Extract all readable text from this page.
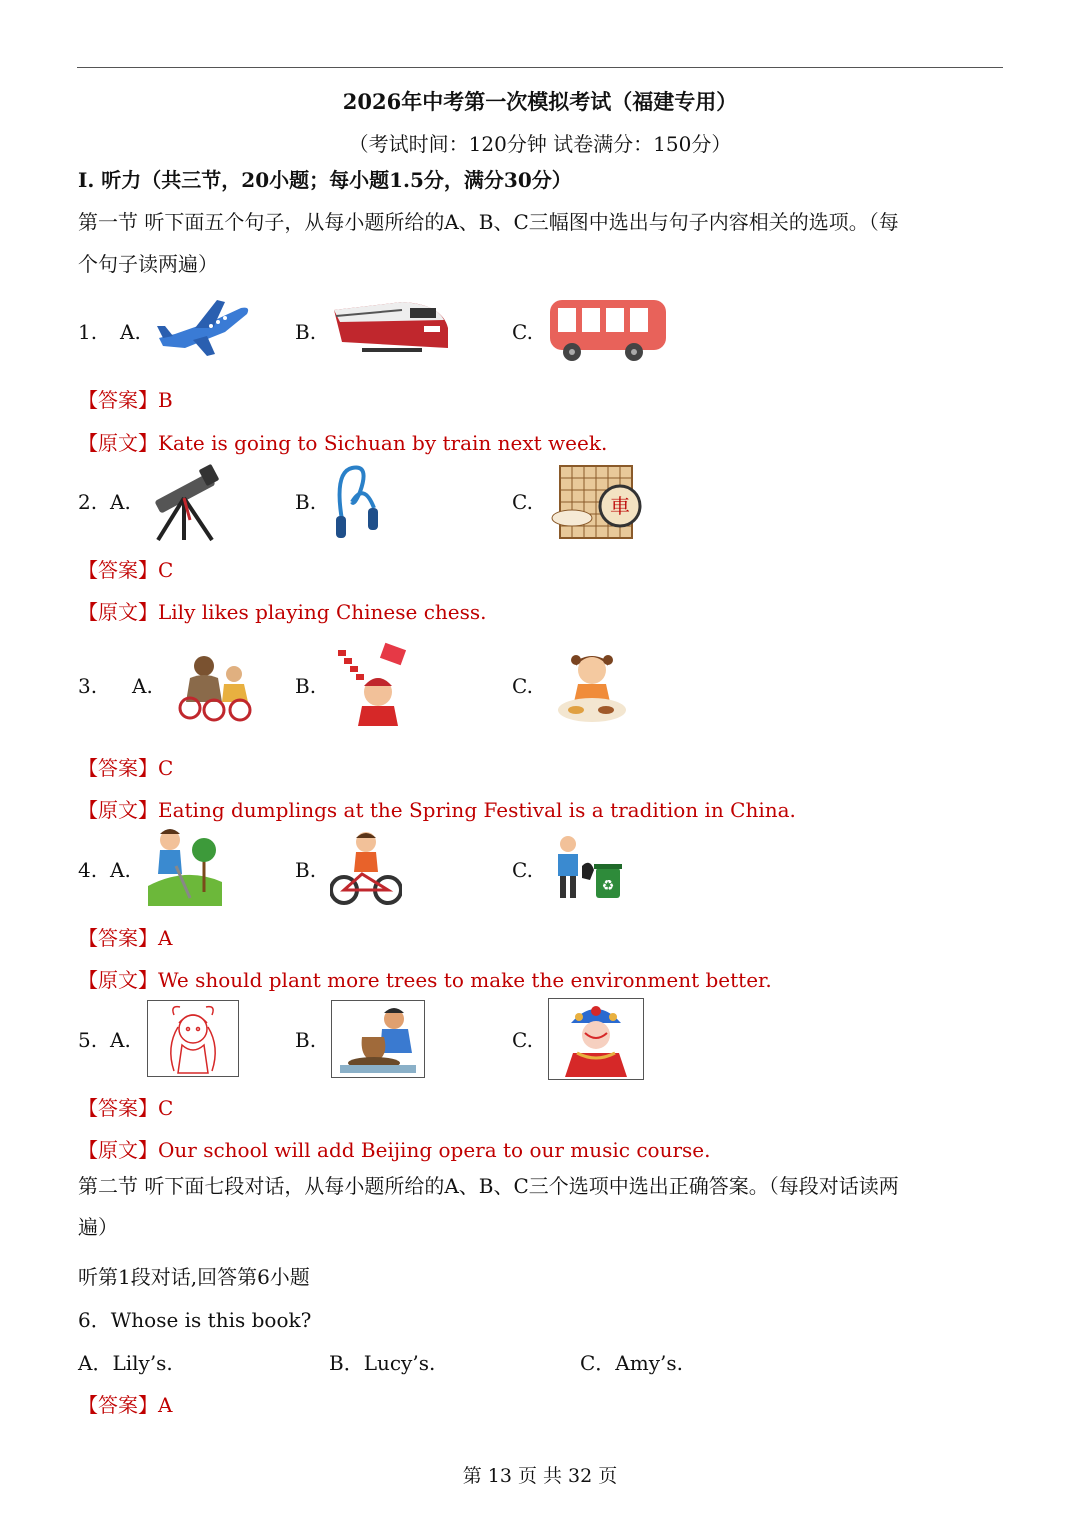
2026年中考第一次模拟考试（福建专用）
（考试时间：120分钟 试卷满分：150分）
I. 听力（共三节，20小题；每小题1.5分，满分30分）
第一节 听下面五个句子，从每小题所给的A、B、C三幅图中选出与句子内容相关的选项。（每
个句子读两遍）
1. A.	B.	C.
【答案】B
【原文】Kate is going to Sichuan by train next week.
2. A.	B.	C.	車
【答案】C
【原文】Lily likes playing Chinese chess.
3. A.	B.	C.
【答案】C
【原文】Eating dumplings at the Spring Festival is a tradition in China.
4. A.	B.	C.
♻
【答案】A
【原文】We should plant more trees to make the environment better.
5. A.	B.	C.
【答案】C
【原文】Our school will add Beijing opera to our music course.
第二节 听下面七段对话，从每小题所给的A、B、C三个选项中选出正确答案。（每段对话读两
遍）
听第1段对话,回答第6小题
6．Whose is this book?
A．Lily’s.	B．Lucy’s.	C．Amy’s.
【答案】A
第 13 页 共 32 页
